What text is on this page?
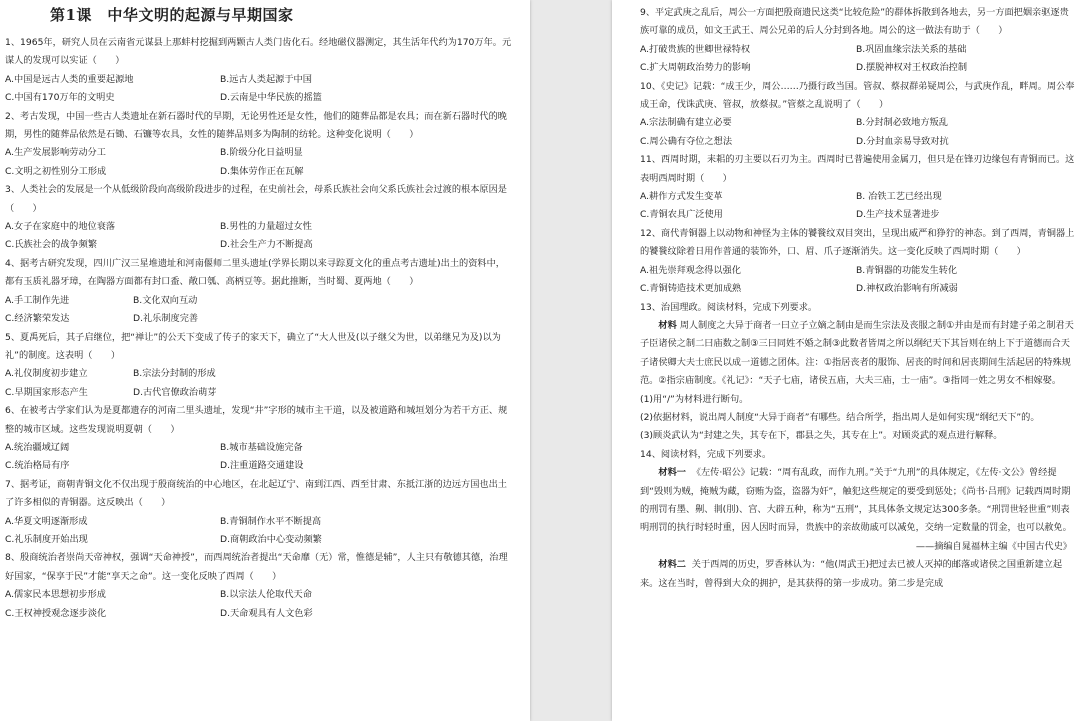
第1课　中华文明的起源与早期国家
1、1965年，研究人员在云南省元谋县上那蚌村挖掘到两颗古人类门齿化石。经地磁仪器测定，其生活年代约为170万年。元谋人的发现可以实证（　　）
A.中国是远古人类的重要起源地	B.远古人类起源于中国
C.中国有170万年的文明史	D.云南是中华民族的摇篮
2、考古发现，中国一些古人类遗址在新石器时代的早期，无论男性还是女性，他们的随葬品都是农具；而在新石器时代的晚期，男性的随葬品依然是石锄、石镰等农具，女性的随葬品则多为陶制的纺轮。这种变化说明（　　）
A.生产发展影响劳动分工	B.阶级分化日益明显
C.文明之初性别分工形成	D.集体劳作正在瓦解
3、人类社会的发展是一个从低级阶段向高级阶段进步的过程，在史前社会，母系氏族社会向父系氏族社会过渡的根本原因是（　　）
A.女子在家庭中的地位衰落	B.男性的力量超过女性
C.氏族社会的战争频繁	D.社会生产力不断提高
4、据考古研究发现，四川广汉三星堆遗址和河南偃师二里头遗址(学界长期以来寻踪夏文化的重点考古遗址)出土的资料中，都有玉质礼器牙璋，在陶器方面都有封口盉、敞口瓠、高柄豆等。据此推断，当时蜀、夏两地（　　）
A.手工制作先进	B.文化双向互动
C.经济繁荣发达	D.礼乐制度完善
5、夏禹死后，其子启继位，把“禅让”的公天下变成了传子的家天下，确立了“大人世及(以子继父为世，以弟继兄为及)以为礼”的制度。这表明（　　）
A.礼仪制度初步建立	B.宗法分封制的形成
C.早期国家形态产生	D.古代官僚政治萌芽
6、在被考古学家们认为是夏都遗存的河南二里头遗址，发现“井”字形的城市主干道，以及被道路和城垣划分为若干方正、规整的城市区域。这些发现说明夏朝（　　）
A.统治疆域辽阔	B.城市基础设施完备
C.统治格局有序	D.注重道路交通建设
7、据考证，商朝青铜文化不仅出现于殷商统治的中心地区，在北起辽宁、南到江西、西至甘肃、东抵江浙的边远方国也出土了许多相似的青铜器。这反映出（　　）
A.华夏文明逐渐形成	B.青铜制作水平不断提高
C.礼乐制度开始出现	D.商朝政治中心变动频繁
8、殷商统治者崇尚天帝神权，强调“天命神授”，而西周统治者提出“天命靡（无）常，惟德是辅”，人主只有敬德其德，治理好国家，“保享于民”才能“享天之命”。这一变化反映了西周（　　）
A.儒家民本思想初步形成	B.以宗法人伦取代天命
C.王权神授观念逐步淡化	D.天命观具有人文色彩
9、平定武庚之乱后，周公一方面把殷商遗民这类“比较危险”的群体拆散到各地去，另一方面把姻亲驱逐贵族可靠的成员，如文王武王、周公兄弟的后人分封到各地。周公的这一做法有助于（　　）
A.打破贵族的世卿世禄特权	B.巩固血缘宗法关系的基础
C.扩大周朝政治势力的影响	D.摆脱神权对王权政治控制
10、《史记》记载：“成王少，周公……乃摄行政当国。管叔、蔡叔群弟疑周公，与武庚作乱，畔周。周公奉成王命，伐诛武庚、管叔，放蔡叔。”管蔡之乱说明了（　　）
A.宗法制确有建立必要	B.分封制必致地方叛乱
C.周公确有夺位之想法	D.分封血亲易导致对抗
11、西周时期，耒耜的刃主要以石刃为主。西周时已普遍使用金属刀，但只是在锋刃边缘包有青铜而已。这表明西周时期（　　）
A.耕作方式发生变革	B. 冶铁工艺已经出现
C.青铜农具广泛使用	D.生产技术显著进步
12、商代青铜器上以动物和神怪为主体的饕餮纹双目突出，呈现出威严和狰狞的神态。到了西周，青铜器上的饕餮纹除着日用作普通的装饰外，口、眉、爪子逐渐消失。这一变化反映了西周时期（　　）
A.祖先崇拜观念得以强化	B.青铜器的功能发生转化
C.青铜铸造技术更加成熟	D.神权政治影响有所减弱
13、治国理政。阅读材料，完成下列要求。
材料 周人制度之大异于商者一曰立子立嫡之制由是而生宗法及丧服之制①并由是而有封建子弟之制君天子臣诸侯之制二曰庙数之制③三曰同姓不婚之制③此数者皆周之所以纲纪天下其旨则在纳上下于道德而合天子诸侯卿大夫士庶民以成一道德之团体。注：①指居丧者的服饰、居丧的时间和居丧期间生活起居的特殊规范。②指宗庙制度。《礼记》：“天子七庙，诸侯五庙，大夫三庙，士一庙”。③指同一姓之男女不相嫁娶。
(1)用“/”为材料进行断句。
(2)依据材料，说出周人制度“大异于商者”有哪些。结合所学，指出周人是如何实现“纲纪天下”的。
(3)顾炎武认为“封建之失，其专在下，郡县之失，其专在上”。对顾炎武的观点进行解释。
14、阅读材料，完成下列要求。
材料一 《左传·昭公》记载：“周有乱政，而作九刑。”关于“九刑”的具体规定，《左传·文公》曾经提到“毁则为贼，掩贼为藏，窃贿为盗，盗器为奸”，触犯这些规定的要受到惩处；《尚书·吕刑》记载西周时期的刑罚有墨、劓、剕(刖)、宫、大辟五种，称为“五刑”，其具体条文规定达300多条。“刑罚世轻世重”则表明刑罚的执行时轻时重，因人因时而异，贵族中的亲故勋戚可以减免，交纳一定数量的罚金，也可以赦免。
——摘编自晁福林主编《中国古代史》
材料二 关于西周的历史，罗香林认为：“他(周武王)把过去已被人灭掉的邮落或诸侯之国重新建立起来。这在当时，曾得到大众的拥护，是其获得的第一步成功。第二步是完成
